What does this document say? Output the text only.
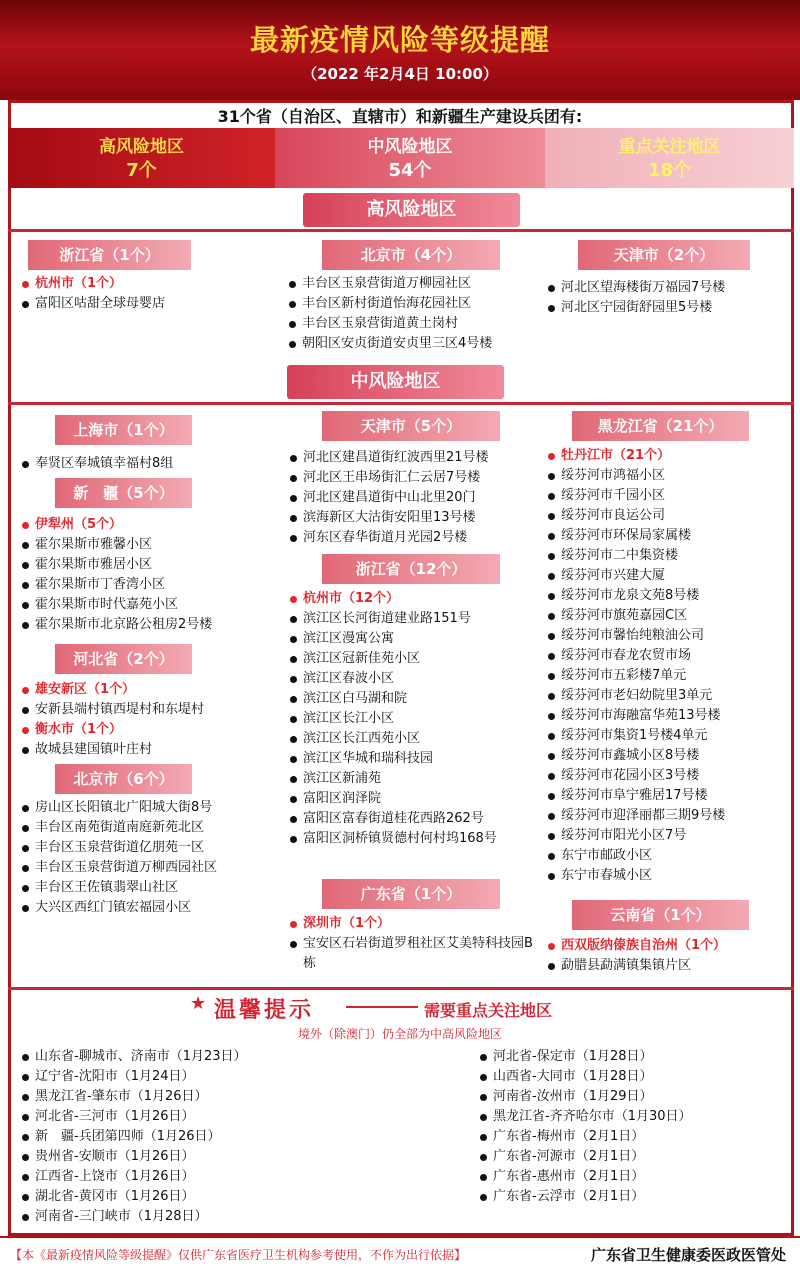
最新疫情风险等级提醒
（2022 年2月4日 10:00）
31个省（自治区、直辖市）和新疆生产建设兵团有:
高风险地区
7个
中风险地区
54个
重点关注地区
18个
高风险地区
浙江省（1个）
杭州市（1个）
富阳区咕甜全球母婴店
北京市（4个）
丰台区玉泉营街道万柳园社区
丰台区新村街道怡海花园社区
丰台区玉泉营街道黄土岗村
朝阳区安贞街道安贞里三区4号楼
天津市（2个）
河北区望海楼街万福园7号楼
河北区宁园街舒园里5号楼
中风险地区
上海市（1个）
奉贤区奉城镇幸福村8组
新　疆（5个）
伊犁州（5个）
霍尔果斯市雅馨小区
霍尔果斯市雅居小区
霍尔果斯市丁香湾小区
霍尔果斯市时代嘉苑小区
霍尔果斯市北京路公租房2号楼
河北省（2个）
雄安新区（1个）
安新县端村镇西堤村和东堤村
衡水市（1个）
故城县建国镇叶庄村
北京市（6个）
房山区长阳镇北广阳城大街8号
丰台区南苑街道南庭新苑北区
丰台区玉泉营街道亿朋苑一区
丰台区玉泉营街道万柳西园社区
丰台区王佐镇翡翠山社区
大兴区西红门镇宏福园小区
天津市（5个）
河北区建昌道街红波西里21号楼
河北区王串场街汇仁云居7号楼
河北区建昌道街中山北里20门
滨海新区大沽街安阳里13号楼
河东区春华街道月光园2号楼
浙江省（12个）
杭州市（12个）
滨江区长河街道建业路151号
滨江区漫寓公寓
滨江区冠新佳苑小区
滨江区春波小区
滨江区白马湖和院
滨江区长江小区
滨江区长江西苑小区
滨江区华城和瑞科技园
滨江区新浦苑
富阳区润泽院
富阳区富春街道桂花西路262号
富阳区洞桥镇贤德村何村坞168号
广东省（1个）
深圳市（1个）
宝安区石岩街道罗租社区艾美特科技园B栋
黑龙江省（21个）
牡丹江市（21个）
绥芬河市鸿福小区
绥芬河市千园小区
绥芬河市良运公司
绥芬河市环保局家属楼
绥芬河市二中集资楼
绥芬河市兴建大厦
绥芬河市龙泉文苑8号楼
绥芬河市旗苑嘉园C区
绥芬河市馨怡纯粮油公司
绥芬河市春龙农贸市场
绥芬河市五彩楼7单元
绥芬河市老妇幼院里3单元
绥芬河市海融富华苑13号楼
绥芬河市集资1号楼4单元
绥芬河市鑫城小区8号楼
绥芬河市花园小区3号楼
绥芬河市阜宁雅居17号楼
绥芬河市迎泽丽都三期9号楼
绥芬河市阳光小区7号
东宁市邮政小区
东宁市春城小区
云南省（1个）
西双版纳傣族自治州（1个）
勐腊县勐满镇集镇片区
★ 温馨提示	需要重点关注地区
境外（除澳门）仍全部为中高风险地区
山东省-聊城市、济南市（1月23日）
辽宁省-沈阳市（1月24日）
黑龙江省-肇东市（1月26日）
河北省-三河市（1月26日）
新　疆-兵团第四师（1月26日）
贵州省-安顺市（1月26日）
江西省-上饶市（1月26日）
湖北省-黄冈市（1月26日）
河南省-三门峡市（1月28日）
河北省-保定市（1月28日）
山西省-大同市（1月28日）
河南省-汝州市（1月29日）
黑龙江省-齐齐哈尔市（1月30日）
广东省-梅州市（2月1日）
广东省-河源市（2月1日）
广东省-惠州市（2月1日）
广东省-云浮市（2月1日）
【本《最新疫情风险等级提醒》仅供广东省医疗卫生机构参考使用，不作为出行依据】	广东省卫生健康委医政医管处
